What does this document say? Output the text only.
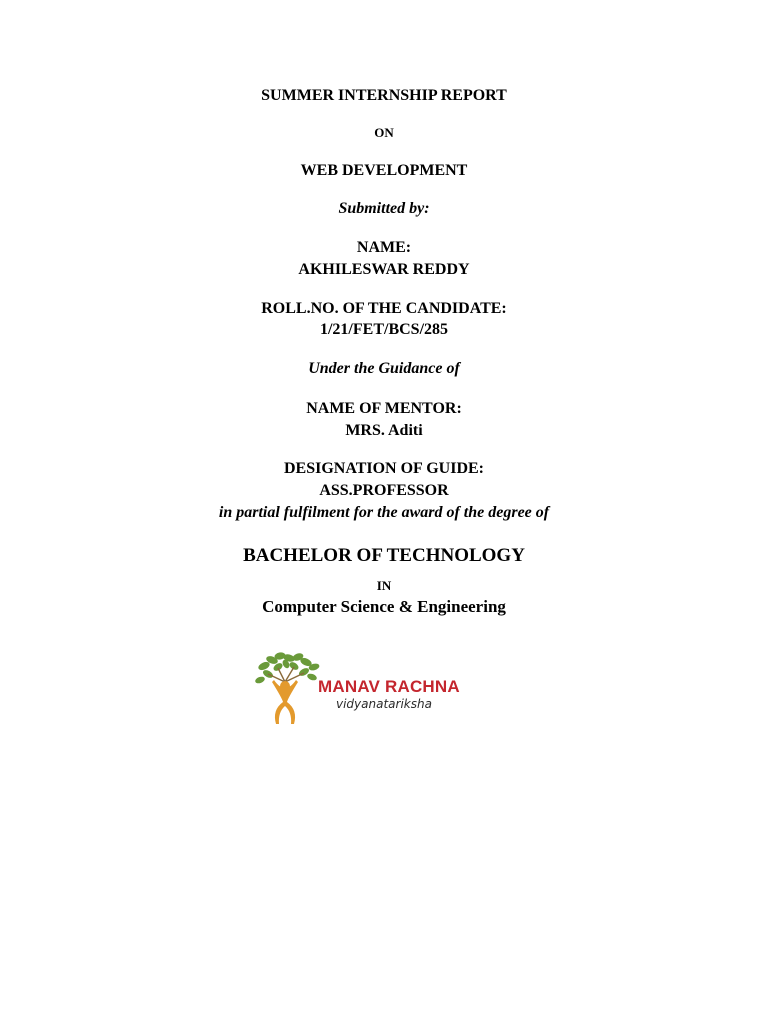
SUMMER INTERNSHIP REPORT
ON
WEB DEVELOPMENT
Submitted by:
NAME:
AKHILESWAR REDDY
ROLL.NO. OF THE CANDIDATE:
1/21/FET/BCS/285
Under the Guidance of
NAME OF MENTOR:
MRS. Aditi
DESIGNATION OF GUIDE:
ASS.PROFESSOR
in partial fulfilment for the award of the degree of
BACHELOR OF TECHNOLOGY
IN
Computer Science & Engineering
MANAV RACHNA
vidyanatariksha
